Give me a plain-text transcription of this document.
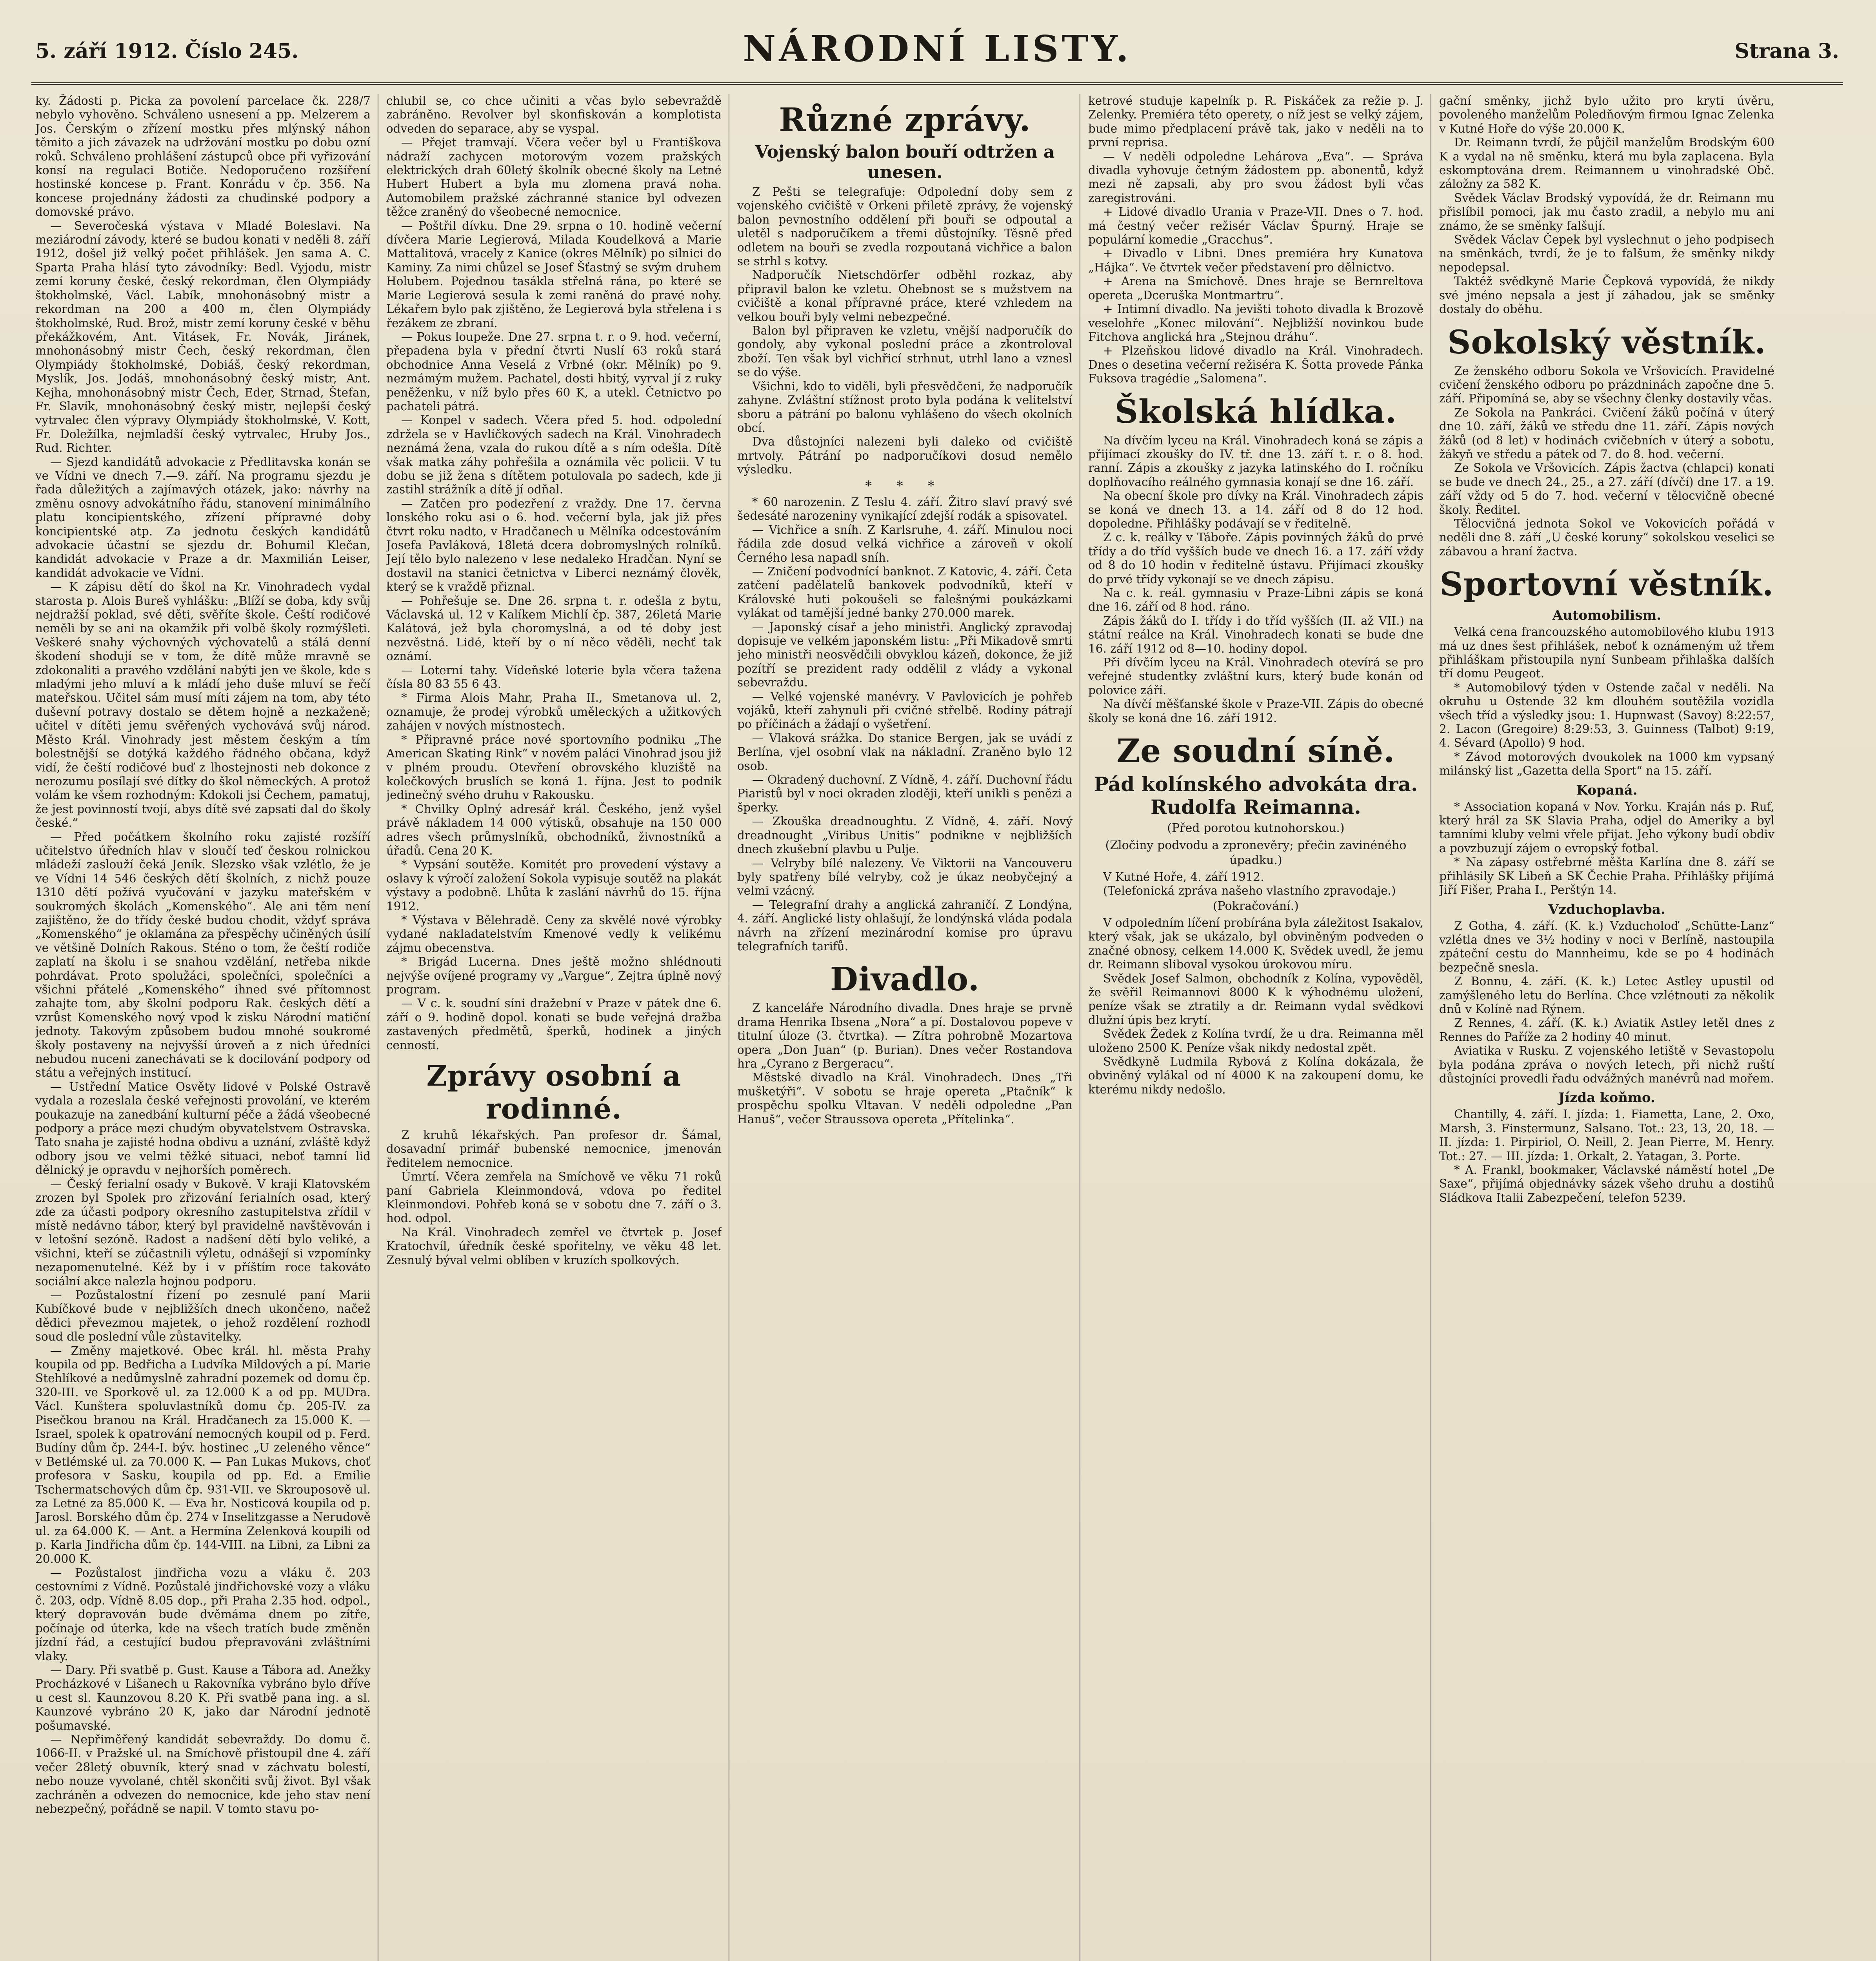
5. září 1912. Číslo 245.	NÁRODNÍ LISTY.	Strana 3.

ky. Žádosti p. Picka za povolení parcelace čk. 228/7 nebylo vyhověno. Schváleno usnesení a pp. Melzerem a Jos. Čerským o zřízení mostku přes mlýnský náhon těmito a jich závazek na udržování mostku po dobu ozní roků. Schváleno prohlášení zástupců obce při vyřizování konsí na regulaci Botiče. Nedoporučeno rozšíření hostinské koncese p. Frant. Konrádu v čp. 356. Na koncese projednány žádosti za chudinské podpory a domovské právo.

— Severočeská výstava v Mladé Boleslavi. Na meziárodní závody, které se budou konati v neděli 8. září 1912, došel již velký počet přihlášek. Jen sama A. C. Sparta Praha hlásí tyto závodníky: Bedl. Vyjodu, mistr zemí koruny české, český rekordman, člen Olympiády štokholmské, Václ. Labík, mnohonásobný mistr a rekordman na 200 a 400 m, člen Olympiády štokholmské, Rud. Brož, mistr zemí koruny české v běhu překážkovém, Ant. Vitásek, Fr. Novák, Jiránek, mnohonásobný mistr Čech, český rekordman, člen Olympiády štokholmské, Dobiáš, český rekordman, Myslík, Jos. Jodáš, mnohonásobný český mistr, Ant. Kejha, mnohonásobný mistr Čech, Eder, Strnad, Štefan, Fr. Slavík, mnohonásobný český mistr, nejlepší český vytrvalec člen výpravy Olympiády štokholmské, V. Kott, Fr. Doležílka, nejmladší český vytrvalec, Hruby Jos., Rud. Richter.

— Sjezd kandidátů advokacie z Předlitavska konán se ve Vídni ve dnech 7.—9. září. Na programu sjezdu je řada důležitých a zajímavých otázek, jako: návrhy na změnu osnovy advokátního řádu, stanovení minimálního platu koncipientského, zřízení přípravné doby koncipientské atp. Za jednotu českých kandidátů advokacie účastní se sjezdu dr. Bohumil Klečan, kandidát advokacie v Praze a dr. Maxmilián Leiser, kandidát advokacie ve Vídni.

— K zápisu dětí do škol na Kr. Vinohradech vydal starosta p. Alois Bureš vyhlášku: „Blíží se doba, kdy svůj nejdražší poklad, své děti, svěříte škole. Čeští rodičové neměli by se ani na okamžik při volbě školy rozmýšleti. Veškeré snahy výchovných výchovatelů a stálá denní škodení shodují se v tom, že dítě může mravně se zdokonaliti a pravého vzdělání nabýti jen ve škole, kde s mladými jeho mluví a k mládí jeho duše mluví se řečí mateřskou. Učitel sám musí míti zájem na tom, aby této duševní potravy dostalo se dětem hojně a nezkaženě; učitel v dítěti jemu svěřených vychovává svůj národ. Město Král. Vinohrady jest městem českým a tím bolestnější se dotýká každého řádného občana, když vidí, že čeští rodičové buď z lhostejnosti neb dokonce z nerozumu posílají své dítky do škol německých. A protož volám ke všem rozhodným: Kdokoli jsi Čechem, pamatuj, že jest povinností tvojí, abys dítě své zapsati dal do školy české.“

— Před počátkem školního roku zajisté rozšíří učitelstvo úředních hlav v sloučí teď českou rolnickou mládeží zaslouží čeká Jeník. Slezsko však vzlétlo, že je ve Vídni 14 546 českých dětí školních, z nichž pouze 1310 dětí požívá vyučování v jazyku mateřském v soukromých školách „Komenského“. Ale ani těm není zajištěno, že do třídy české budou chodit, vždyť správa „Komenského“ je oklamána za přespěchy učiněných úsilí ve většině Dolních Rakous. Sténo o tom, že čeští rodiče zaplatí na školu i se snahou vzdělání, netřeba nikde pohrdávat. Proto spolužáci, společníci, společníci a všichni přátelé „Komenského“ ihned své přítomnost zahajte tom, aby školní podporu Rak. českých dětí a vzrůst Komenského nový vpod k zisku Národní matiční jednoty. Takovým způsobem budou mnohé soukromé školy postaveny na nejvyšší úroveň a z nich úředníci nebudou nuceni zanechávati se k docilování podpory od státu a veřejných institucí.

— Ustřední Matice Osvěty lidové v Polské Ostravě vydala a rozeslala české veřejnosti provolání, ve kterém poukazuje na zanedbání kulturní péče a žádá všeobecné podpory a práce mezi chudým obyvatelstvem Ostravska. Tato snaha je zajisté hodna obdivu a uznání, zvláště když odbory jsou ve velmi těžké situaci, neboť tamní lid dělnický je opravdu v nejhorších poměrech.

— Český ferialní osady v Bukově. V kraji Klatovském zrozen byl Spolek pro zřizování ferialních osad, který zde za účasti podpory okresního zastupitelstva zřídil v místě nedávno tábor, který byl pravidelně navštěvován i v letošní sezóně. Radost a nadšení dětí bylo veliké, a všichni, kteří se zúčastnili výletu, odnášejí si vzpomínky nezapomenutelné. Kéž by i v příštím roce takováto sociální akce nalezla hojnou podporu.

— Pozůstalostní řízení po zesnulé paní Marii Kubíčkové bude v nejbližších dnech ukončeno, načež dědici převezmou majetek, o jehož rozdělení rozhodl soud dle poslední vůle zůstavitelky.

— Změny majetkové. Obec král. hl. města Prahy koupila od pp. Bedřicha a Ludvíka Mildových a pí. Marie Stehlíkové a nedůmyslně zahradní pozemek od domu čp. 320-III. ve Sporkově ul. za 12.000 K a od pp. MUDra. Václ. Kunštera spoluvlastníků domu čp. 205-IV. za Pisečkou branou na Král. Hradčanech za 15.000 K. — Israel, spolek k opatrování nemocných koupil od p. Ferd. Budíny dům čp. 244-I. býv. hostinec „U zeleného věnce“ v Betlémské ul. za 70.000 K. — Pan Lukas Mukovs, choť profesora v Sasku, koupila od pp. Ed. a Emilie Tschermatschových dům čp. 931-VII. ve Skrouposově ul. za Letné za 85.000 K. — Eva hr. Nosticová koupila od p. Jarosl. Borského dům čp. 274 v Inselitzgasse a Nerudově ul. za 64.000 K. — Ant. a Hermína Zelenková koupili od p. Karla Jindřicha dům čp. 144-VIII. na Libni, za Libni za 20.000 K.

— Pozůstalost jindřicha vozu a vláku č. 203 cestovními z Vídně. Pozůstalé jindřichovské vozy a vláku č. 203, odp. Vídně 8.05 dop., při Praha 2.35 hod. odpol., který dopravován bude dvěmáma dnem po zítře, počínaje od úterka, kde na všech tratích bude změněn jízdní řád, a cestující budou přepravováni zvláštními vlaky.

— Dary. Při svatbě p. Gust. Kause a Tábora ad. Anežky Procházkové v Lišanech u Rakovníka vybráno bylo dříve u cest sl. Kaunzovou 8.20 K. Při svatbě pana ing. a sl. Kaunzové vybráno 20 K, jako dar Národní jednotě pošumavské.

— Nepřiměřený kandidát sebevraždy. Do domu č. 1066-II. v Pražské ul. na Smíchově přistoupil dne 4. září večer 28letý obuvník, který snad v záchvatu bolestí, nebo nouze vyvolané, chtěl skončiti svůj život. Byl však zachráněn a odvezen do nemocnice, kde jeho stav není nebezpečný, pořádně se napil. V tomto stavu po-

chlubil se, co chce učiniti a včas bylo sebevraždě zabráněno. Revolver byl skonfiskován a komplotista odveden do separace, aby se vyspal.

— Přejet tramvají. Včera večer byl u Františkova nádraží zachycen motorovým vozem pražských elektrických drah 60letý školník obecné školy na Letné Hubert Hubert a byla mu zlomena pravá noha. Automobilem pražské záchranné stanice byl odvezen těžce zraněný do všeobecné nemocnice.

— Poštřil dívku. Dne 29. srpna o 10. hodině večerní dívčera Marie Legierová, Milada Koudelková a Marie Mattalitová, vracely z Kanice (okres Mělník) po silnici do Kaminy. Za nimi chůzel se Josef Šťastný se svým druhem Holubem. Pojednou tasákla střelná rána, po které se Marie Legierová sesula k zemi raněná do pravé nohy. Lékařem bylo pak zjištěno, že Legierová byla střelena i s řezákem ze zbraní.

— Pokus loupeže. Dne 27. srpna t. r. o 9. hod. večerní, přepadena byla v přední čtvrti Nuslí 63 roků stará obchodnice Anna Veselá z Vrbné (okr. Mělník) po 9. nezmámým mužem. Pachatel, dosti hbitý, vyrval jí z ruky peněženku, v níž bylo přes 60 K, a utekl. Četnictvo po pachateli pátrá.

— Konpel v sadech. Včera před 5. hod. odpolední zdržela se v Havlíčkových sadech na Král. Vinohradech neznámá žena, vzala do rukou dítě a s ním odešla. Dítě však matka záhy pohřešila a oznámila věc policii. V tu dobu se již žena s dítětem potulovala po sadech, kde ji zastihl strážník a dítě jí odňal.

— Zatčen pro podezření z vraždy. Dne 17. června lonského roku asi o 6. hod. večerní byla, jak již přes čtvrt roku nadto, v Hradčanech u Mělníka odcestováním Josefa Pavláková, 18letá dcera dobromyslných rolníků. Její tělo bylo nalezeno v lese nedaleko Hradčan. Nyní se dostavil na stanici četnictva v Liberci neznámý člověk, který se k vraždě přiznal.

— Pohřešuje se. Dne 26. srpna t. r. odešla z bytu, Václavská ul. 12 v Kalíkem Michlí čp. 387, 26letá Marie Kalátová, jež byla choromyslná, a od té doby jest nezvěstná. Lidé, kteří by o ní něco věděli, nechť tak oznámí.

— Loterní tahy. Vídeňské loterie byla včera tažena čísla 80 83 55 6 43.

* Firma Alois Mahr, Praha II., Smetanova ul. 2, oznamuje, že prodej výrobků uměleckých a užitkových zahájen v nových místnostech.

* Připravné práce nové sportovního podniku „The American Skating Rink“ v novém paláci Vinohrad jsou již v plném proudu. Otevření obrovského kluziště na kolečkových bruslích se koná 1. října. Jest to podnik jedinečný svého druhu v Rakousku.

* Chvilky Oplný adresář král. Českého, jenž vyšel právě nákladem 14 000 výtisků, obsahuje na 150 000 adres všech průmyslníků, obchodníků, živnostníků a úřadů. Cena 20 K.

* Vypsání soutěže. Komitét pro provedení výstavy a oslavy k výročí založení Sokola vypisuje soutěž na plakát výstavy a podobně. Lhůta k zaslání návrhů do 15. října 1912.

* Výstava v Bělehradě. Ceny za skvělé nové výrobky vydané nakladatelstvím Kmenové vedly k velikému zájmu obecenstva.

* Brigád Lucerna. Dnes ještě možno shlédnouti nejvýše ovíjené programy vy „Vargue“, Zejtra úplně nový program.

— V c. k. soudní síni dražební v Praze v pátek dne 6. září o 9. hodině dopol. konati se bude veřejná dražba zastavených předmětů, šperků, hodinek a jiných cenností.

Zprávy osobní a rodinné.

Z kruhů lékařských. Pan profesor dr. Šámal, dosavadní primář bubenské nemocnice, jmenován ředitelem nemocnice.

Úmrtí. Včera zemřela na Smíchově ve věku 71 roků paní Gabriela Kleinmondová, vdova po ředitel Kleinmondovi. Pohřeb koná se v sobotu dne 7. září o 3. hod. odpol.

Na Král. Vinohradech zemřel ve čtvrtek p. Josef Kratochvíl, úředník české spořitelny, ve věku 48 let. Zesnulý býval velmi oblíben v kruzích spolkových.

Různé zprávy.
Vojenský balon bouří odtržen a unesen.

Z Pešti se telegrafuje: Odpolední doby sem z vojenského cvičiště v Orkeni přiletě zprávy, že vojenský balon pevnostního oddělení při bouři se odpoutal a uletěl s nadporučíkem a třemi důstojníky. Těsně před odletem na bouři se zvedla rozpoutaná vichřice a balon se strhl s kotvy.

Nadporučík Nietschdörfer odběhl rozkaz, aby připravil balon ke vzletu. Ohebnost se s mužstvem na cvičiště a konal přípravné práce, které vzhledem na velkou bouři byly velmi nebezpečné.

Balon byl připraven ke vzletu, vnější nadporučík do gondoly, aby vykonal poslední práce a zkontroloval zboží. Ten však byl vichřicí strhnut, utrhl lano a vznesl se do výše.

Všichni, kdo to viděli, byli přesvědčeni, že nadporučík zahyne. Zvláštní stížnost proto byla podána k velitelství sboru a pátrání po balonu vyhlášeno do všech okolních obcí.

Dva důstojníci nalezeni byli daleko od cvičiště mrtvoly. Pátrání po nadporučíkovi dosud nemělo výsledku.

* * *

* 60 narozenin. Z Teslu 4. září. Žitro slaví pravý své šedesáté narozeniny vynikající zdejší rodák a spisovatel.

— Vichřice a sníh. Z Karlsruhe, 4. září. Minulou noci řádila zde dosud velká vichřice a zároveň v okolí Černého lesa napadl sníh.

— Zničení podvodnící banknot. Z Katovic, 4. září. Četa zatčení padělatelů bankovek podvodníků, kteří v Královské huti pokoušeli se falešnými poukázkami vylákat od tamější jedné banky 270.000 marek.

— Japonský císař a jeho ministři. Anglický zpravodaj dopisuje ve velkém japonském listu: „Při Mikadově smrti jeho ministři neosvědčili obvyklou kázeň, dokonce, že již pozítří se prezident rady oddělil z vlády a vykonal sebevraždu.

— Velké vojenské manévry. V Pavlovicích je pohřeb vojáků, kteří zahynuli při cvičné střelbě. Rodiny pátrají po příčinách a žádají o vyšetření.

— Vlaková srážka. Do stanice Bergen, jak se uvádí z Berlína, vjel osobní vlak na nákladní. Zraněno bylo 12 osob.

— Okradený duchovní. Z Vídně, 4. září. Duchovní řádu Piaristů byl v noci okraden zloději, kteří unikli s penězi a šperky.

— Zkouška dreadnoughtu. Z Vídně, 4. září. Nový dreadnought „Viribus Unitis“ podnikne v nejbližších dnech zkušební plavbu u Pulje.

— Velryby bílé nalezeny. Ve Viktorii na Vancouveru byly spatřeny bílé velryby, což je úkaz neobyčejný a velmi vzácný.

— Telegrafní drahy a anglická zahraničí. Z Londýna, 4. září. Anglické listy ohlašují, že londýnská vláda podala návrh na zřízení mezinárodní komise pro úpravu telegrafních tarifů.

Divadlo.

Z kanceláře Národního divadla. Dnes hraje se prvně drama Henrika Ibsena „Nora“ a pí. Dostalovou popeve v titulní úloze (3. čtvrtka). — Zítra pohrobně Mozartova opera „Don Juan“ (p. Burian). Dnes večer Rostandova hra „Cyrano z Bergeracu“.

Městské divadlo na Král. Vinohradech. Dnes „Tři mušketýři“. V sobotu se hraje opereta „Ptačník“ k prospěchu spolku Vltavan. V neděli odpoledne „Pan Hanuš“, večer Straussova opereta „Přítelinka“.

ketrové studuje kapelník p. R. Piskáček za režie p. J. Zelenky. Premiéra této operety, o níž jest se velký zájem, bude mimo předplacení právě tak, jako v neděli na to první reprisa.

— V neděli odpoledne Lehárova „Eva“. — Správa divadla vyhovuje četným žádostem pp. abonentů, když mezi ně zapsali, aby pro svou žádost byli včas zaregistrováni.

+ Lidové divadlo Urania v Praze-VII. Dnes o 7. hod. má čestný večer režisér Václav Špurný. Hraje se populární komedie „Gracchus“.

+ Divadlo v Libni. Dnes premiéra hry Kunatova „Hájka“. Ve čtvrtek večer představení pro dělnictvo.

+ Arena na Smíchově. Dnes hraje se Bernreltova opereta „Dceruška Montmartru“.

+ Intimní divadlo. Na jevišti tohoto divadla k Brozově veselohře „Konec milování“. Nejbližší novinkou bude Fitchova anglická hra „Stejnou dráhu“.

+ Plzeňskou lidové divadlo na Král. Vinohradech. Dnes o desetina večerní režiséra K. Šotta provede Pánka Fuksova tragédie „Salomena“.

Školská hlídka.

Na dívčím lyceu na Král. Vinohradech koná se zápis a přijímací zkoušky do IV. tř. dne 13. září t. r. o 8. hod. ranní. Zápis a zkoušky z jazyka latinského do I. ročníku doplňovacího reálného gymnasia konají se dne 16. září.

Na obecní škole pro dívky na Král. Vinohradech zápis se koná ve dnech 13. a 14. září od 8 do 12 hod. dopoledne. Přihlášky podávají se v ředitelně.

Z c. k. reálky v Táboře. Zápis povinných žáků do prvé třídy a do tříd vyšších bude ve dnech 16. a 17. září vždy od 8 do 10 hodin v ředitelně ústavu. Přijímací zkoušky do prvé třídy vykonají se ve dnech zápisu.

Na c. k. reál. gymnasiu v Praze-Libni zápis se koná dne 16. září od 8 hod. ráno.

Zápis žáků do I. třídy i do tříd vyšších (II. až VII.) na státní reálce na Král. Vinohradech konati se bude dne 16. září 1912 od 8—10. hodiny dopol.

Při dívčím lyceu na Král. Vinohradech otevírá se pro veřejné studentky zvláštní kurs, který bude konán od polovice září.

Na dívčí měšťanské škole v Praze-VII. Zápis do obecné školy se koná dne 16. září 1912.

Ze soudní síně.
Pád kolínského advokáta dra. Rudolfa Reimanna.
(Před porotou kutnohorskou.)
(Zločiny podvodu a zpronevěry; přečin zavinéného úpadku.)

V Kutné Hoře, 4. září 1912.

(Telefonická zpráva našeho vlastního zpravodaje.)

(Pokračování.)

V odpoledním líčení probírána byla záležitost Isakalov, který však, jak se ukázalo, byl obviněným podveden o značné obnosy, celkem 14.000 K. Svědek uvedl, že jemu dr. Reimann sliboval vysokou úrokovou míru.

Svědek Josef Salmon, obchodník z Kolína, vypověděl, že svěřil Reimannovi 8000 K k výhodnému uložení, peníze však se ztratily a dr. Reimann vydal svědkovi dlužní úpis bez krytí.

Svědek Žedek z Kolína tvrdí, že u dra. Reimanna měl uloženo 2500 K. Peníze však nikdy nedostal zpět.

Svědkyně Ludmila Rybová z Kolína dokázala, že obviněný vylákal od ní 4000 K na zakoupení domu, ke kterému nikdy nedošlo.

gační směnky, jichž bylo užito pro kryti úvěru, povoleného manželům Poledňovým firmou Ignac Zelenka v Kutné Hoře do výše 20.000 K.

Dr. Reimann tvrdí, že půjčil manželům Brodským 600 K a vydal na ně směnku, která mu byla zaplacena. Byla eskomptována drem. Reimannem u vinohradské Obč. záložny za 582 K.

Svědek Václav Brodský vypovídá, že dr. Reimann mu přislíbil pomoci, jak mu často zradil, a nebylo mu ani známo, že se směnky falšují.

Svědek Václav Čepek byl vyslechnut o jeho podpisech na směnkách, tvrdí, že je to falšum, že směnky nikdy nepodepsal.

Taktéž svědkyně Marie Čepková vypovídá, že nikdy své jméno nepsala a jest jí záhadou, jak se směnky dostaly do oběhu.

Sokolský věstník.

Ze ženského odboru Sokola ve Vršovicích. Pravidelné cvičení ženského odboru po prázdninách započne dne 5. září. Připomíná se, aby se všechny členky dostavily včas.

Ze Sokola na Pankráci. Cvičení žáků počíná v úterý dne 10. září, žáků ve středu dne 11. září. Zápis nových žáků (od 8 let) v hodinách cvičebních v úterý a sobotu, žákyň ve středu a pátek od 7. do 8. hod. večerní.

Ze Sokola ve Vršovicích. Zápis žactva (chlapci) konati se bude ve dnech 24., 25., a 27. září (dívčí) dne 17. a 19. září vždy od 5 do 7. hod. večerní v tělocvičně obecné školy. Ředitel.

Tělocvičná jednota Sokol ve Vokovicích pořádá v neděli dne 8. září „U české koruny“ sokolskou veselici se zábavou a hraní žactva.

Sportovní věstník.
Automobilism.

Velká cena francouzského automobilového klubu 1913 má uz dnes šest přihlášek, neboť k oznámeným už třem přihláškam přistoupila nyní Sunbeam přihlaška dalších tří domu Peugeot.

* Automobilový týden v Ostende začal v neděli. Na okruhu u Ostende 32 km dlouhém soutěžila vozidla všech tříd a výsledky jsou: 1. Hupnwast (Savoy) 8:22:57, 2. Lacon (Gregoire) 8:29:53, 3. Guinness (Talbot) 9:19, 4. Sévard (Apollo) 9 hod.

* Závod motorových dvoukolek na 1000 km vypsaný milánský list „Gazetta della Sport“ na 15. září.

Kopaná.

* Association kopaná v Nov. Yorku. Kraján nás p. Ruf, který hrál za SK Slavia Praha, odjel do Ameriky a byl tamními kluby velmi vřele přijat. Jeho výkony budí obdiv a povzbuzují zájem o evropský fotbal.

* Na zápasy ostřebrné měšta Karlína dne 8. září se přihlásily SK Libeň a SK Čechie Praha. Přihlášky přijímá Jiří Fišer, Praha I., Perštýn 14.

Vzduchoplavba.

Z Gotha, 4. září. (K. k.) Vzducholoď „Schütte-Lanz“ vzlétla dnes ve 3½ hodiny v noci v Berlíně, nastoupila zpáteční cestu do Mannheimu, kde se po 4 hodinách bezpečně snesla.

Z Bonnu, 4. září. (K. k.) Letec Astley upustil od zamýšleného letu do Berlína. Chce vzlétnouti za několik dnů v Kolíně nad Rýnem.

Z Rennes, 4. září. (K. k.) Aviatik Astley letěl dnes z Rennes do Paříže za 2 hodiny 40 minut.

Aviatika v Rusku. Z vojenského letiště v Sevastopolu byla podána zpráva o nových letech, při nichž ruští důstojníci provedli řadu odvážných manévrů nad mořem.

Jízda koňmo.

Chantilly, 4. září. I. jízda: 1. Fiametta, Lane, 2. Oxo, Marsh, 3. Finstermunz, Salsano. Tot.: 23, 13, 20, 18. — II. jízda: 1. Pirpiriol, O. Neill, 2. Jean Pierre, M. Henry. Tot.: 27. — III. jízda: 1. Orkalt, 2. Yatagan, 3. Porte.

* A. Frankl, bookmaker, Václavské náměstí hotel „De Saxe“, přijímá objednávky sázek všeho druhu a dostihů Sládkova Italii Zabezpečení, telefon 5239.
